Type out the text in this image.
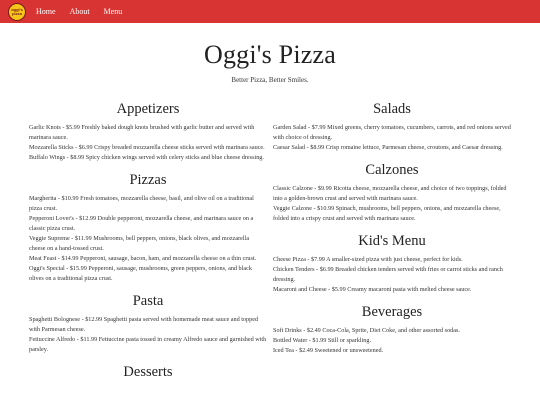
oggi's pizza	Home About Menu
Oggi's Pizza

Better Pizza, Better Smiles.

Appetizers

Garlic Knots - $5.99 Freshly baked dough knots brushed with garlic butter and served with marinara sauce.

Mozzarella Sticks - $6.99 Crispy breaded mozzarella cheese sticks served with marinara sauce.

Buffalo Wings - $8.99 Spicy chicken wings served with celery sticks and blue cheese dressing.

Pizzas

Margherita - $10.99 Fresh tomatoes, mozzarella cheese, basil, and olive oil on a traditional pizza crust.

Pepperoni Lover's - $12.99 Double pepperoni, mozzarella cheese, and marinara sauce on a classic pizza crust.

Veggie Supreme - $11.99 Mushrooms, bell peppers, onions, black olives, and mozzarella cheese on a hand-tossed crust.

Meat Feast - $14.99 Pepperoni, sausage, bacon, ham, and mozzarella cheese on a thin crust.

Oggi's Special - $15.99 Pepperoni, sausage, mushrooms, green peppers, onions, and black olives on a traditional pizza crust.

Pasta

Spaghetti Bolognese - $12.99 Spaghetti pasta served with homemade meat sauce and topped with Parmesan cheese.

Fettuccine Alfredo - $11.99 Fettuccine pasta tossed in creamy Alfredo sauce and garnished with parsley.

Desserts
Salads

Garden Salad - $7.99 Mixed greens, cherry tomatoes, cucumbers, carrots, and red onions served with choice of dressing.

Caesar Salad - $8.99 Crisp romaine lettuce, Parmesan cheese, croutons, and Caesar dressing.

Calzones

Classic Calzone - $9.99 Ricotta cheese, mozzarella cheese, and choice of two toppings, folded into a golden-brown crust and served with marinara sauce.

Veggie Calzone - $10.99 Spinach, mushrooms, bell peppers, onions, and mozzarella cheese, folded into a crispy crust and served with marinara sauce.

Kid's Menu

Cheese Pizza - $7.99 A smaller-sized pizza with just cheese, perfect for kids.

Chicken Tenders - $6.99 Breaded chicken tenders served with fries or carrot sticks and ranch dressing.

Macaroni and Cheese - $5.99 Creamy macaroni pasta with melted cheese sauce.

Beverages

Soft Drinks - $2.49 Coca-Cola, Sprite, Diet Coke, and other assorted sodas.

Bottled Water - $1.99 Still or sparkling.

Iced Tea - $2.49 Sweetened or unsweetened.
